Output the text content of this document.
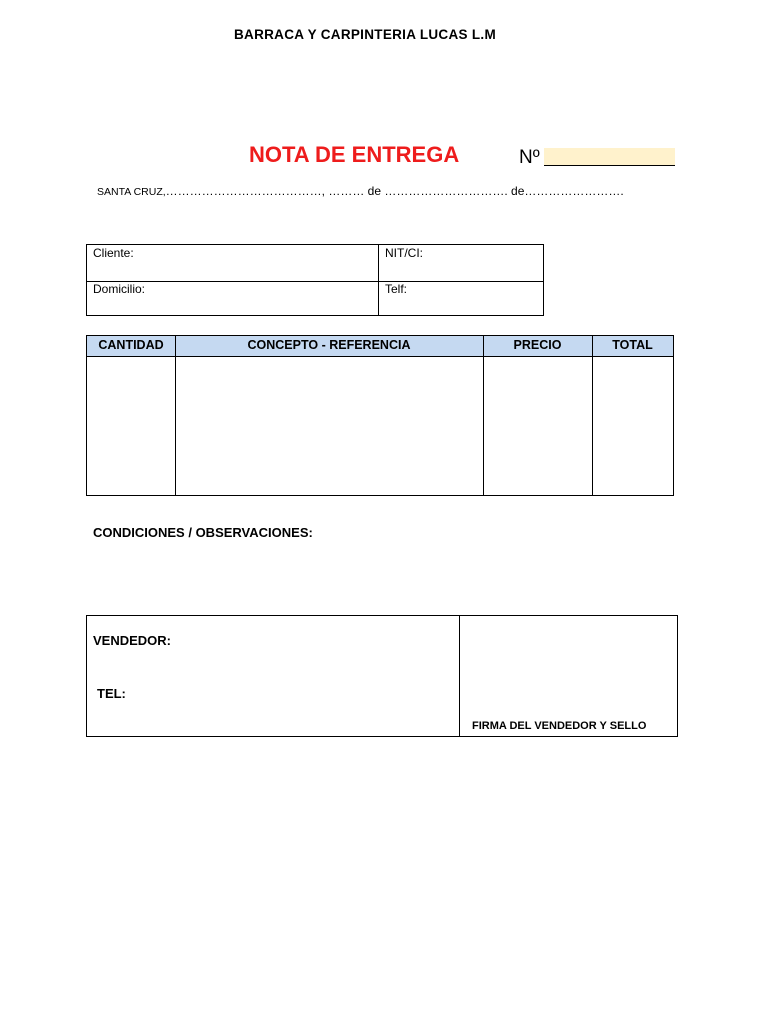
BARRACA Y CARPINTERIA LUCAS L.M
NOTA DE ENTREGA	Nº
SANTA CRUZ,…………………………………, ……… de …………………………. de…………………….
Cliente:	NIT/CI:
Domicilio:	Telf:
CANTIDAD	CONCEPTO - REFERENCIA	PRECIO	TOTAL
CONDICIONES / OBSERVACIONES:
VENDEDOR:
TEL:
FIRMA DEL VENDEDOR Y SELLO
